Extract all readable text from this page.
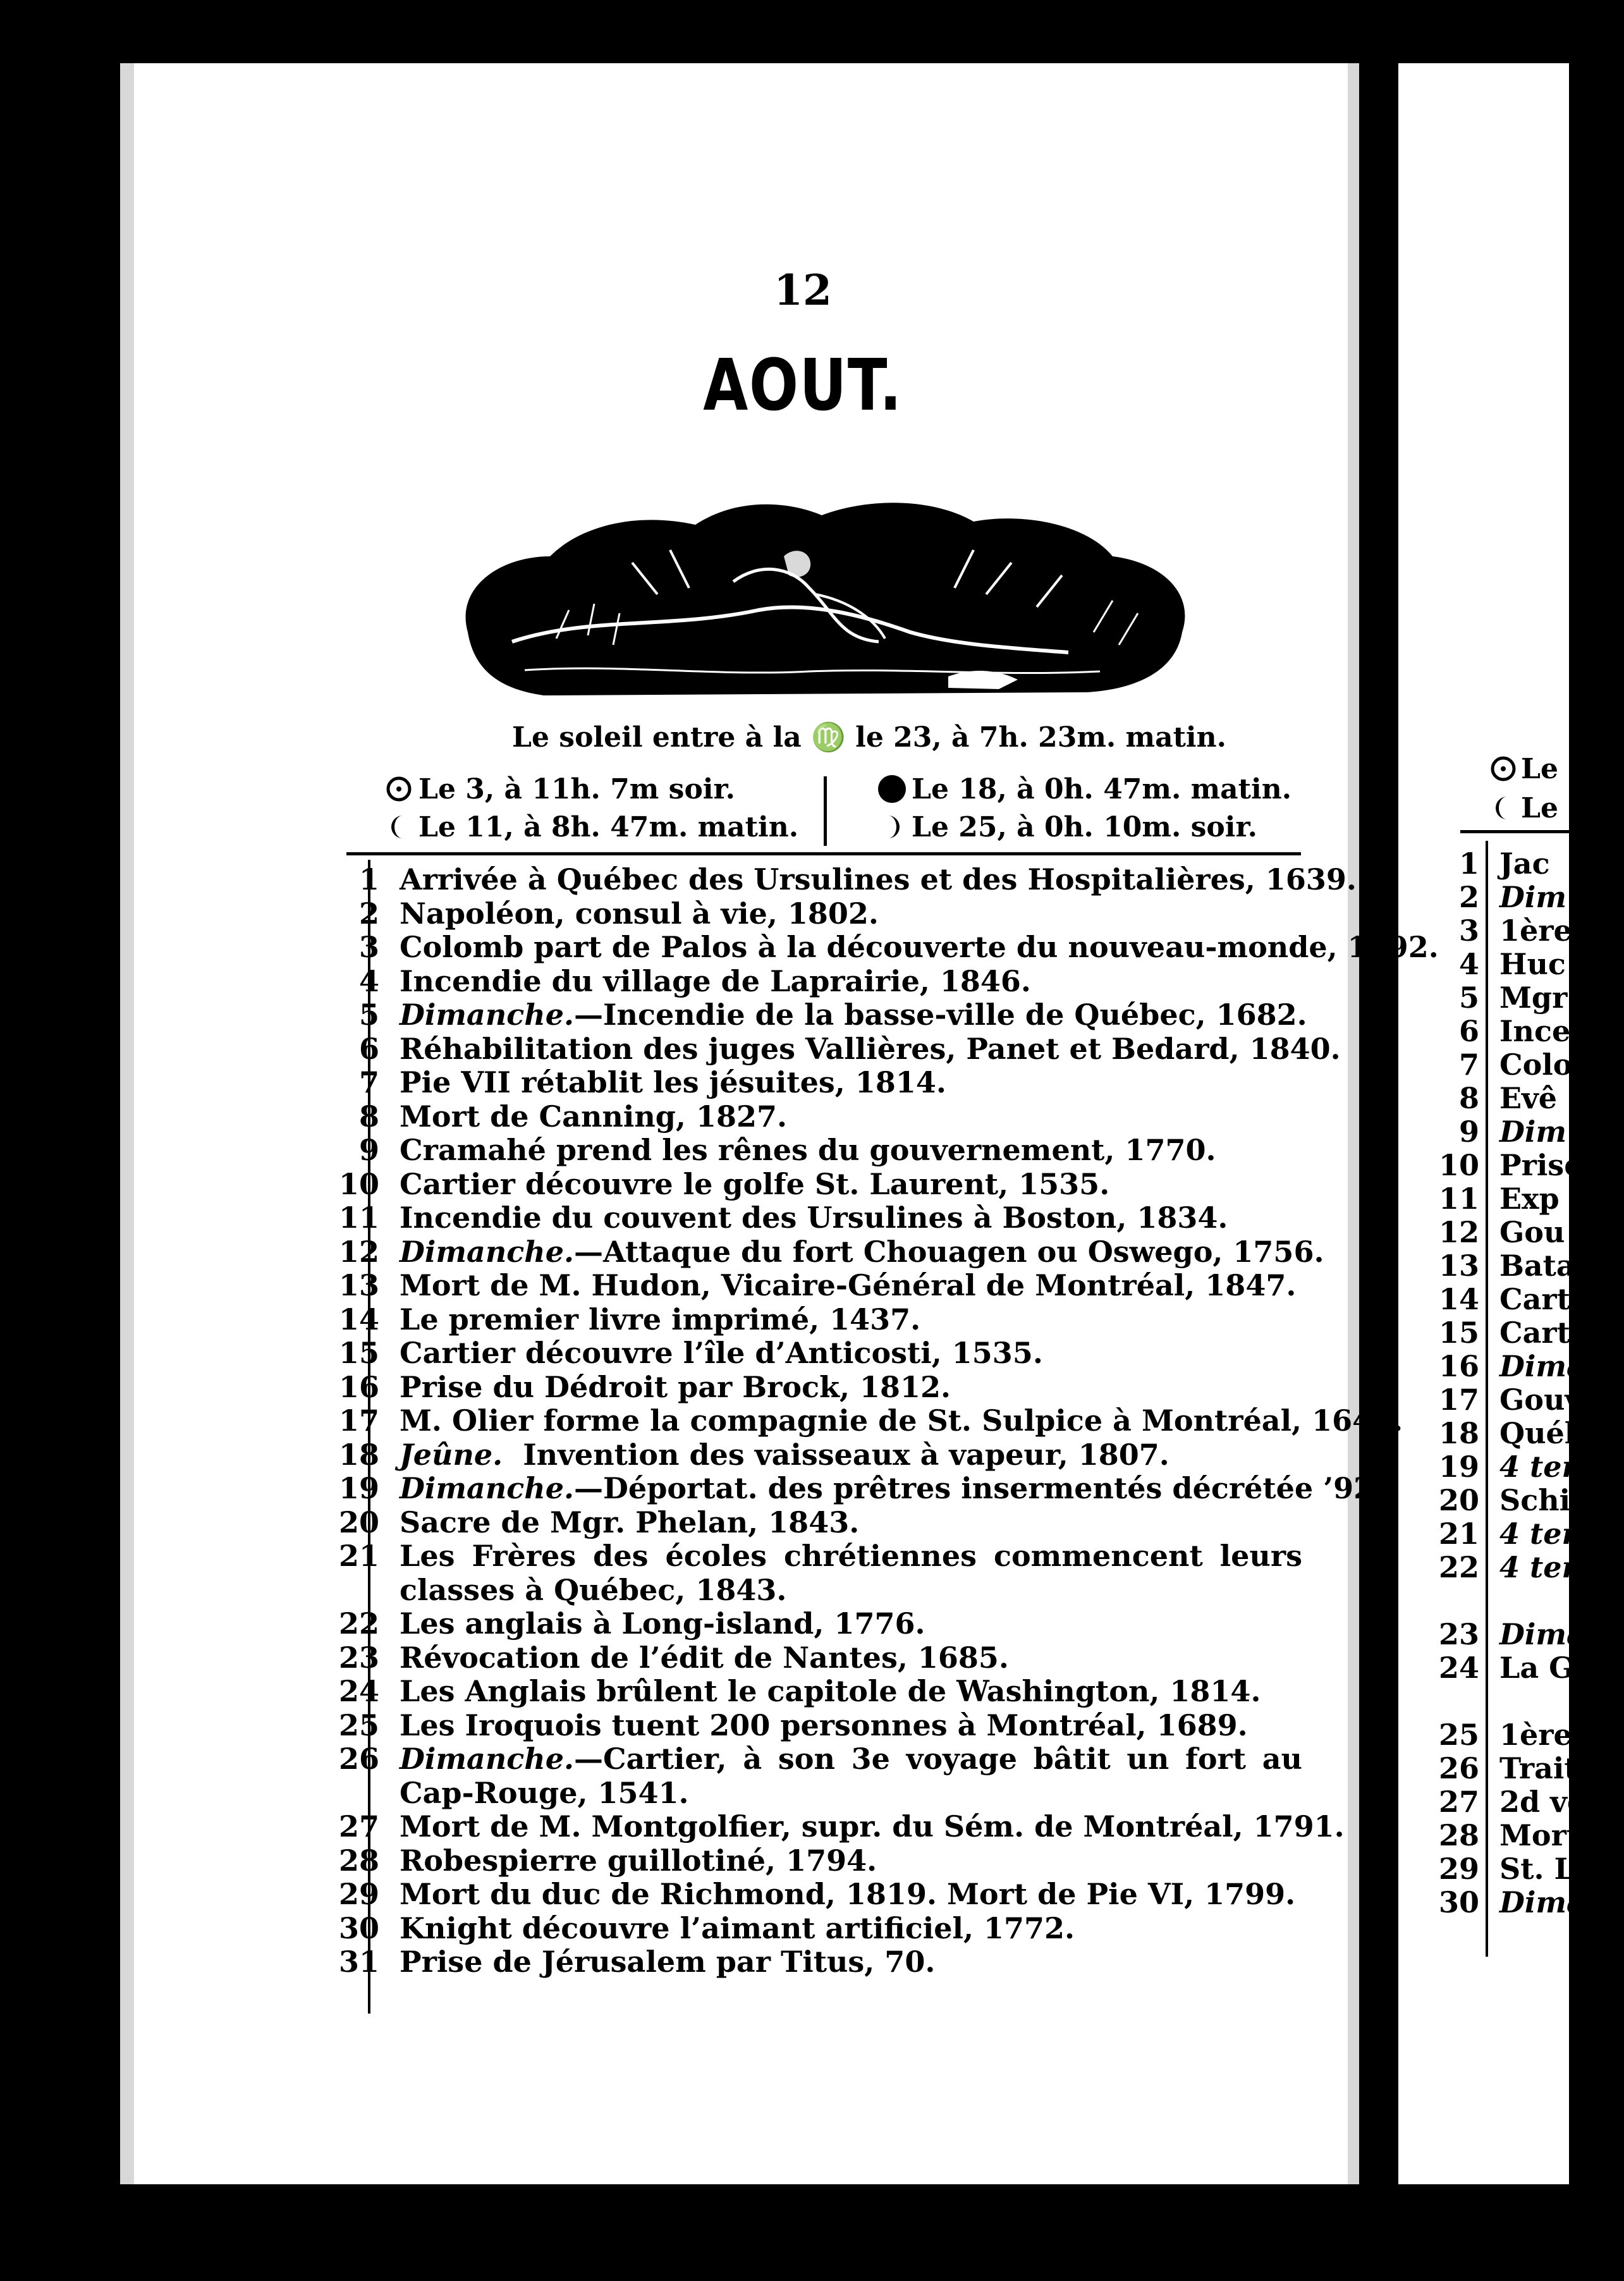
12
AOUT.
Le soleil entre à la ♍ le 23, à 7h. 23m. matin.
Le 3, à 11h. 7m soir.
Le 11, à 8h. 47m. matin.
Le 18, à 0h. 47m. matin.
Le 25, à 0h. 10m. soir.
1 Arrivée à Québec des Ursulines et des Hospitalières, 1639.
2 Napoléon, consul à vie, 1802.
3 Colomb part de Palos à la découverte du nouveau-monde, 1492.
4 Incendie du village de Laprairie, 1846.
5 Dimanche.—Incendie de la basse-ville de Québec, 1682.
6 Réhabilitation des juges Vallières, Panet et Bedard, 1840.
7 Pie VII rétablit les jésuites, 1814.
8 Mort de Canning, 1827.
9 Cramahé prend les rênes du gouvernement, 1770.
10 Cartier découvre le golfe St. Laurent, 1535.
11 Incendie du couvent des Ursulines à Boston, 1834.
12 Dimanche.—Attaque du fort Chouagen ou Oswego, 1756.
13 Mort de M. Hudon, Vicaire-Général de Montréal, 1847.
14 Le premier livre imprimé, 1437.
15 Cartier découvre l’île d’Anticosti, 1535.
16 Prise du Dédroit par Brock, 1812.
17 M. Olier forme la compagnie de St. Sulpice à Montréal, 1640.
18 Jeûne.  Invention des vaisseaux à vapeur, 1807.
19 Dimanche.—Déportat. des prêtres insermentés décrétée ’92.
20 Sacre de Mgr. Phelan, 1843.
21 Les Frères des écoles chrétiennes commencent leurs classes à Québec, 1843.
22 Les anglais à Long-island, 1776.
23 Révocation de l’édit de Nantes, 1685.
24 Les Anglais brûlent le capitole de Washington, 1814.
25 Les Iroquois tuent 200 personnes à Montréal, 1689.
26 Dimanche.—Cartier, à son 3e voyage bâtit un fort au Cap-Rouge, 1541.
27 Mort de M. Montgolfier, supr. du Sém. de Montréal, 1791.
28 Robespierre guillotiné, 1794.
29 Mort du duc de Richmond, 1819. Mort de Pie VI, 1799.
30 Knight découvre l’aimant artificiel, 1772.
31 Prise de Jérusalem par Titus, 70.
Le
Le
1 Jac
2 Dim
3 1ère
4 Huc
5 Mgr
6 Ince
7 Colo
8 Evê
9 Dim
10 Prise
11 Exp
12 Gou
13 Bata
14 Cart
15 Cart
16 Dima
17 Gouv
18 Quél
19 4 tem
20 Schis
21 4 tem
22 4 tem
23 Dima
24 La G
25 1ère
26 Traité
27 2d voy
28 Mort
29 St. Le
30 Dimanc
